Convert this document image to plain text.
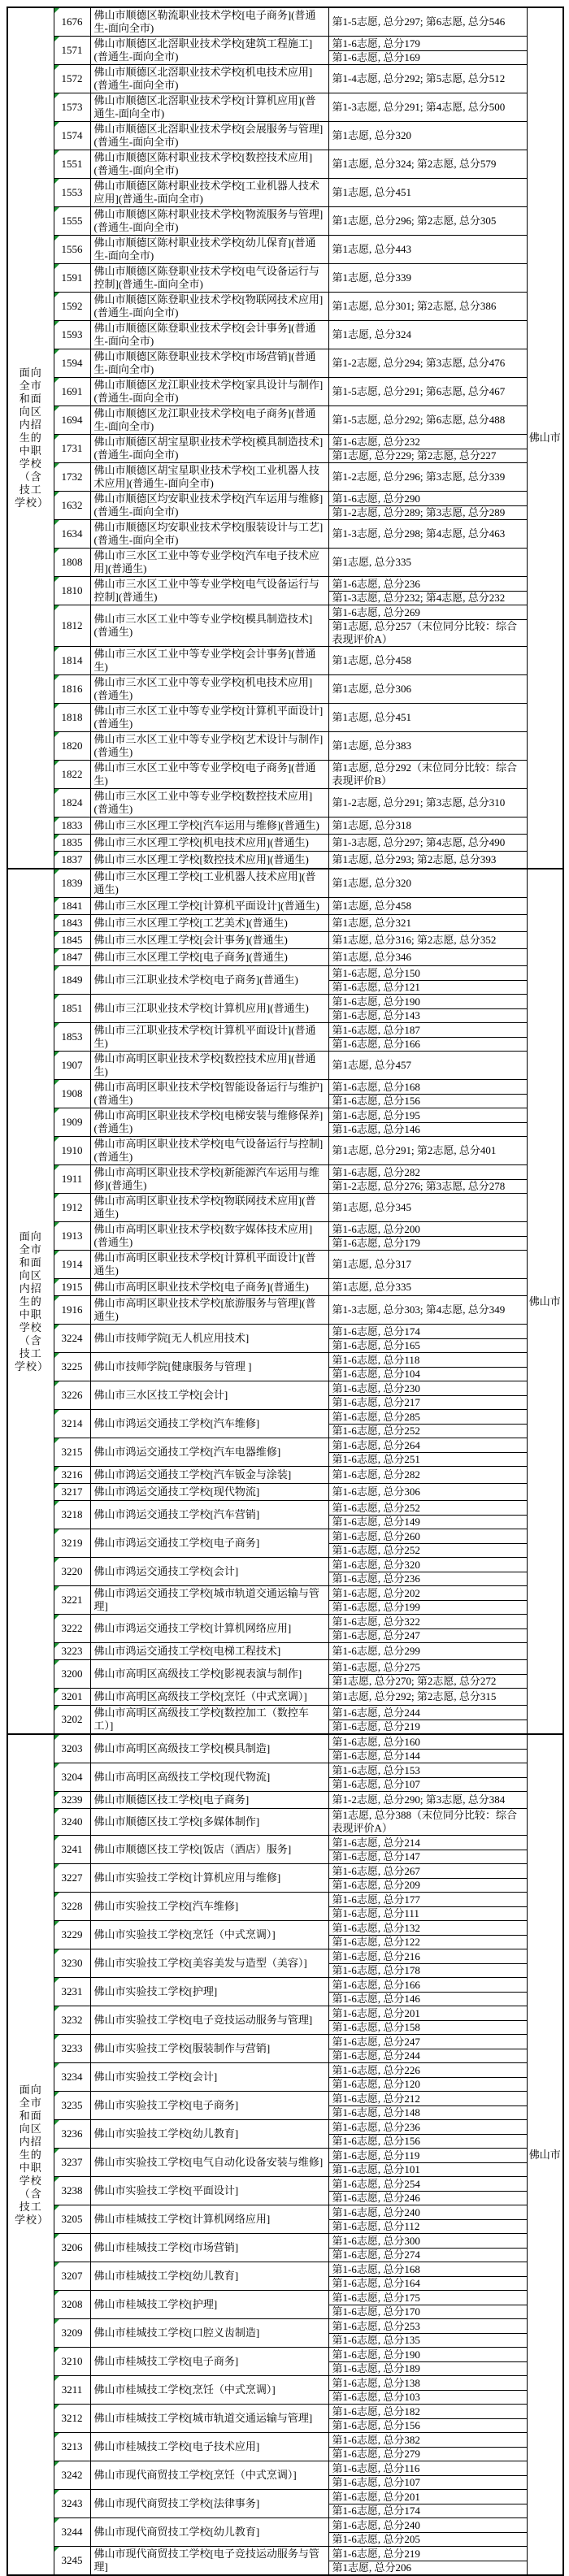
面向全市和面向区内招生的中职学校（含技工学校）	1676	佛山市顺德区勒流职业技术学校[电子商务](普通生-面向全市)	第1-5志愿, 总分297; 第6志愿, 总分546	佛山市

1571	佛山市顺德区北滘职业技术学校[建筑工程施工](普通生-面向全市)	第1-6志愿, 总分179
第1-6志愿, 总分169	

1572	佛山市顺德区北滘职业技术学校[机电技术应用](普通生-面向全市)	第1-4志愿, 总分292; 第5志愿, 总分512	

1573	佛山市顺德区北滘职业技术学校[计算机应用](普通生-面向全市)	第1-3志愿, 总分291; 第4志愿, 总分500	

1574	佛山市顺德区北滘职业技术学校[会展服务与管理](普通生-面向全市)	第1志愿, 总分320	

1551	佛山市顺德区陈村职业技术学校[数控技术应用](普通生-面向全市)	第1志愿, 总分324; 第2志愿, 总分579	

1553	佛山市顺德区陈村职业技术学校[工业机器人技术应用](普通生-面向全市)	第1志愿, 总分451	

1555	佛山市顺德区陈村职业技术学校[物流服务与管理](普通生-面向全市)	第1志愿, 总分296; 第2志愿, 总分305	

1556	佛山市顺德区陈村职业技术学校[幼儿保育](普通生-面向全市)	第1志愿, 总分443	

1591	佛山市顺德区陈登职业技术学校[电气设备运行与控制](普通生-面向全市)	第1志愿, 总分339	

1592	佛山市顺德区陈登职业技术学校[物联网技术应用](普通生-面向全市)	第1志愿, 总分301; 第2志愿, 总分386	

1593	佛山市顺德区陈登职业技术学校[会计事务](普通生-面向全市)	第1志愿, 总分324	

1594	佛山市顺德区陈登职业技术学校[市场营销](普通生-面向全市)	第1-2志愿, 总分294; 第3志愿, 总分476	

1691	佛山市顺德区龙江职业技术学校[家具设计与制作](普通生-面向全市)	第1-5志愿, 总分291; 第6志愿, 总分467	

1694	佛山市顺德区龙江职业技术学校[电子商务](普通生-面向全市)	第1-5志愿, 总分292; 第6志愿, 总分488	

1731	佛山市顺德区胡宝星职业技术学校[模具制造技术](普通生-面向全市)	第1-6志愿, 总分232
第1志愿, 总分229; 第2志愿, 总分227	

1732	佛山市顺德区胡宝星职业技术学校[工业机器人技术应用](普通生-面向全市)	第1-2志愿, 总分296; 第3志愿, 总分339	

1632	佛山市顺德区均安职业技术学校[汽车运用与维修](普通生-面向全市)	第1-6志愿, 总分290
第1-2志愿, 总分289; 第3志愿, 总分289	

1634	佛山市顺德区均安职业技术学校[服装设计与工艺](普通生-面向全市)	第1-3志愿, 总分298; 第4志愿, 总分463	

1808	佛山市三水区工业中等专业学校[汽车电子技术应用](普通生)	第1志愿, 总分335	

1810	佛山市三水区工业中等专业学校[电气设备运行与控制](普通生)	第1-6志愿, 总分236
第1-3志愿, 总分232; 第4志愿, 总分232	

1812	佛山市三水区工业中等专业学校[模具制造技术](普通生)	第1-6志愿, 总分269
第1志愿, 总分257（末位同分比较：综合表现评价A）	

1814	佛山市三水区工业中等专业学校[会计事务](普通生)	第1志愿, 总分458	

1816	佛山市三水区工业中等专业学校[机电技术应用](普通生)	第1志愿, 总分306	

1818	佛山市三水区工业中等专业学校[计算机平面设计](普通生)	第1志愿, 总分451	

1820	佛山市三水区工业中等专业学校[艺术设计与制作](普通生)	第1志愿, 总分383	

1822	佛山市三水区工业中等专业学校[电子商务](普通生)	第1志愿, 总分292（末位同分比较：综合表现评价B）	

1824	佛山市三水区工业中等专业学校[数控技术应用](普通生)	第1-2志愿, 总分291; 第3志愿, 总分310	

1833	佛山市三水区理工学校[汽车运用与维修](普通生)	第1志愿, 总分318	

1835	佛山市三水区理工学校[机电技术应用](普通生)	第1-3志愿, 总分297; 第4志愿, 总分490	

1837	佛山市三水区理工学校[数控技术应用](普通生)	第1志愿, 总分293; 第2志愿, 总分393	

面向全市和面向区内招生的中职学校（含技工学校）	1839	佛山市三水区理工学校[工业机器人技术应用](普通生)	第1志愿, 总分320	佛山市

1841	佛山市三水区理工学校[计算机平面设计](普通生)	第1志愿, 总分458	

1843	佛山市三水区理工学校[工艺美术](普通生)	第1志愿, 总分321	

1845	佛山市三水区理工学校[会计事务](普通生)	第1志愿, 总分316; 第2志愿, 总分352	

1847	佛山市三水区理工学校[电子商务](普通生)	第1志愿, 总分346	

1849	佛山市三江职业技术学校[电子商务](普通生)	第1-6志愿, 总分150
第1-6志愿, 总分121	

1851	佛山市三江职业技术学校[计算机应用](普通生)	第1-6志愿, 总分190
第1-6志愿, 总分143	

1853	佛山市三江职业技术学校[计算机平面设计](普通生)	第1-6志愿, 总分187
第1-6志愿, 总分166	

1907	佛山市高明区职业技术学校[数控技术应用](普通生)	第1志愿, 总分457	

1908	佛山市高明区职业技术学校[智能设备运行与维护](普通生)	第1-6志愿, 总分168
第1-6志愿, 总分156	

1909	佛山市高明区职业技术学校[电梯安装与维修保养](普通生)	第1-6志愿, 总分195
第1-6志愿, 总分146	

1910	佛山市高明区职业技术学校[电气设备运行与控制](普通生)	第1志愿, 总分291; 第2志愿, 总分401	

1911	佛山市高明区职业技术学校[新能源汽车运用与维修](普通生)	第1-6志愿, 总分282
第1-2志愿, 总分276; 第3志愿, 总分278	

1912	佛山市高明区职业技术学校[物联网技术应用](普通生)	第1志愿, 总分345	

1913	佛山市高明区职业技术学校[数字媒体技术应用](普通生)	第1-6志愿, 总分200
第1-6志愿, 总分179	

1914	佛山市高明区职业技术学校[计算机平面设计](普通生)	第1志愿, 总分317	

1915	佛山市高明区职业技术学校[电子商务](普通生)	第1志愿, 总分335	

1916	佛山市高明区职业技术学校[旅游服务与管理](普通生)	第1-3志愿, 总分303; 第4志愿, 总分349	

3224	佛山市技师学院[无人机应用技术]	第1-6志愿, 总分174
第1-6志愿, 总分165	

3225	佛山市技师学院[健康服务与管理 ]	第1-6志愿, 总分118
第1-6志愿, 总分104	

3226	佛山市三水区技工学校[会计]	第1-6志愿, 总分230
第1-6志愿, 总分217	

3214	佛山市鸿运交通技工学校[汽车维修]	第1-6志愿, 总分285
第1-6志愿, 总分252	

3215	佛山市鸿运交通技工学校[汽车电器维修]	第1-6志愿, 总分264
第1-6志愿, 总分251	

3216	佛山市鸿运交通技工学校[汽车钣金与涂装]	第1-6志愿, 总分282	

3217	佛山市鸿运交通技工学校[现代物流]	第1-6志愿, 总分306	

3218	佛山市鸿运交通技工学校[汽车营销]	第1-6志愿, 总分252
第1-6志愿, 总分149	

3219	佛山市鸿运交通技工学校[电子商务]	第1-6志愿, 总分260
第1-6志愿, 总分252	

3220	佛山市鸿运交通技工学校[会计]	第1-6志愿, 总分320
第1-6志愿, 总分236	

3221	佛山市鸿运交通技工学校[城市轨道交通运输与管理]	第1-6志愿, 总分202
第1-6志愿, 总分199	

3222	佛山市鸿运交通技工学校[计算机网络应用]	第1-6志愿, 总分322
第1-6志愿, 总分247	

3223	佛山市鸿运交通技工学校[电梯工程技术]	第1-6志愿, 总分299	

3200	佛山市高明区高级技工学校[影视表演与制作]	第1-6志愿, 总分275
第1志愿, 总分270; 第2志愿, 总分272	

3201	佛山市高明区高级技工学校[烹饪（中式烹调）]	第1志愿, 总分292; 第2志愿, 总分315	

3202	佛山市高明区高级技工学校[数控加工（数控车工）]	第1-6志愿, 总分244
第1-6志愿, 总分219	

面向全市和面向区内招生的中职学校（含技工学校）	3203	佛山市高明区高级技工学校[模具制造]	第1-6志愿, 总分160
第1-6志愿, 总分144	佛山市

3204	佛山市高明区高级技工学校[现代物流]	第1-6志愿, 总分153
第1-6志愿, 总分107	

3239	佛山市顺德区技工学校[电子商务]	第1-2志愿, 总分290; 第3志愿, 总分384	

3240	佛山市顺德区技工学校[多媒体制作]	第1志愿, 总分388（末位同分比较：综合表现评价A）	

3241	佛山市顺德区技工学校[饭店（酒店）服务]	第1-6志愿, 总分214
第1-6志愿, 总分147	

3227	佛山市实验技工学校[计算机应用与维修]	第1-6志愿, 总分267
第1-6志愿, 总分209	

3228	佛山市实验技工学校[汽车维修]	第1-6志愿, 总分177
第1-6志愿, 总分111	

3229	佛山市实验技工学校[烹饪（中式烹调）]	第1-6志愿, 总分132
第1-6志愿, 总分122	

3230	佛山市实验技工学校[美容美发与造型（美容）]	第1-6志愿, 总分216
第1-6志愿, 总分178	

3231	佛山市实验技工学校[护理]	第1-6志愿, 总分166
第1-6志愿, 总分146	

3232	佛山市实验技工学校[电子竞技运动服务与管理]	第1-6志愿, 总分201
第1-6志愿, 总分158	

3233	佛山市实验技工学校[服装制作与营销]	第1-6志愿, 总分247
第1-6志愿, 总分244	

3234	佛山市实验技工学校[会计]	第1-6志愿, 总分226
第1-6志愿, 总分120	

3235	佛山市实验技工学校[电子商务]	第1-6志愿, 总分212
第1-6志愿, 总分148	

3236	佛山市实验技工学校[幼儿教育]	第1-6志愿, 总分236
第1-6志愿, 总分156	

3237	佛山市实验技工学校[电气自动化设备安装与维修]	第1-6志愿, 总分119
第1-6志愿, 总分101	

3238	佛山市实验技工学校[平面设计]	第1-6志愿, 总分254
第1-6志愿, 总分246	

3205	佛山市桂城技工学校[计算机网络应用]	第1-6志愿, 总分240
第1-6志愿, 总分112	

3206	佛山市桂城技工学校[市场营销]	第1-6志愿, 总分300
第1-6志愿, 总分274	

3207	佛山市桂城技工学校[幼儿教育]	第1-6志愿, 总分168
第1-6志愿, 总分164	

3208	佛山市桂城技工学校[护理]	第1-6志愿, 总分175
第1-6志愿, 总分170	

3209	佛山市桂城技工学校[口腔义齿制造]	第1-6志愿, 总分253
第1-6志愿, 总分135	

3210	佛山市桂城技工学校[电子商务]	第1-6志愿, 总分190
第1-6志愿, 总分189	

3211	佛山市桂城技工学校[烹饪（中式烹调）]	第1-6志愿, 总分138
第1-6志愿, 总分103	

3212	佛山市桂城技工学校[城市轨道交通运输与管理]	第1-6志愿, 总分182
第1-6志愿, 总分156	

3213	佛山市桂城技工学校[电子技术应用]	第1-6志愿, 总分382
第1-6志愿, 总分279	

3242	佛山市现代商贸技工学校[烹饪（中式烹调）]	第1-6志愿, 总分116
第1-6志愿, 总分107	

3243	佛山市现代商贸技工学校[法律事务]	第1-6志愿, 总分201
第1-6志愿, 总分174	

3244	佛山市现代商贸技工学校[幼儿教育]	第1-6志愿, 总分240
第1-6志愿, 总分205	

3245	佛山市现代商贸技工学校[电子竞技运动服务与管理]	第1-6志愿, 总分219
第1志愿, 总分206	
